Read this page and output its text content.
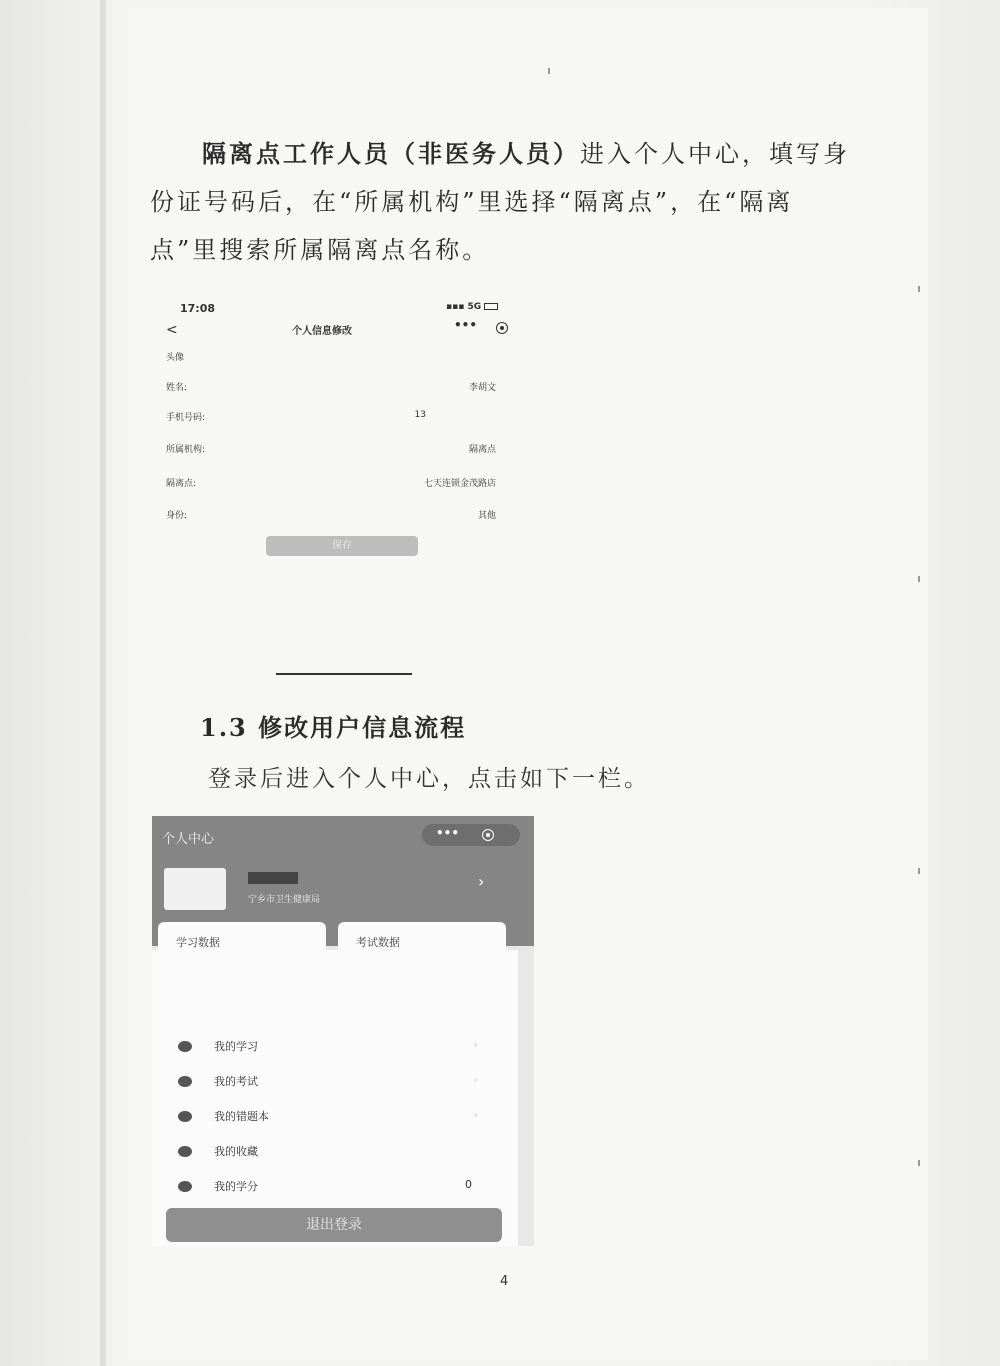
隔离点工作人员（非医务人员）进入个人中心，填写身份证号码后，在“所属机构”里选择“隔离点”，在“隔离点”里搜索所属隔离点名称。
17:08	▪▪▪ 5G
<	个人信息修改	•••
头像
姓名:	李胡文
手机号码:	13
所属机构:	隔离点
隔离点:	七天连锁金茂路店
身份:	其他
保存
1.3 修改用户信息流程
登录后进入个人中心，点击如下一栏。
个人中心	•••
宁乡市卫生健康局
›
学习数据	考试数据
我的学习	›
我的考试	›
我的错题本	›
我的收藏
我的学分	0
退出登录
4
